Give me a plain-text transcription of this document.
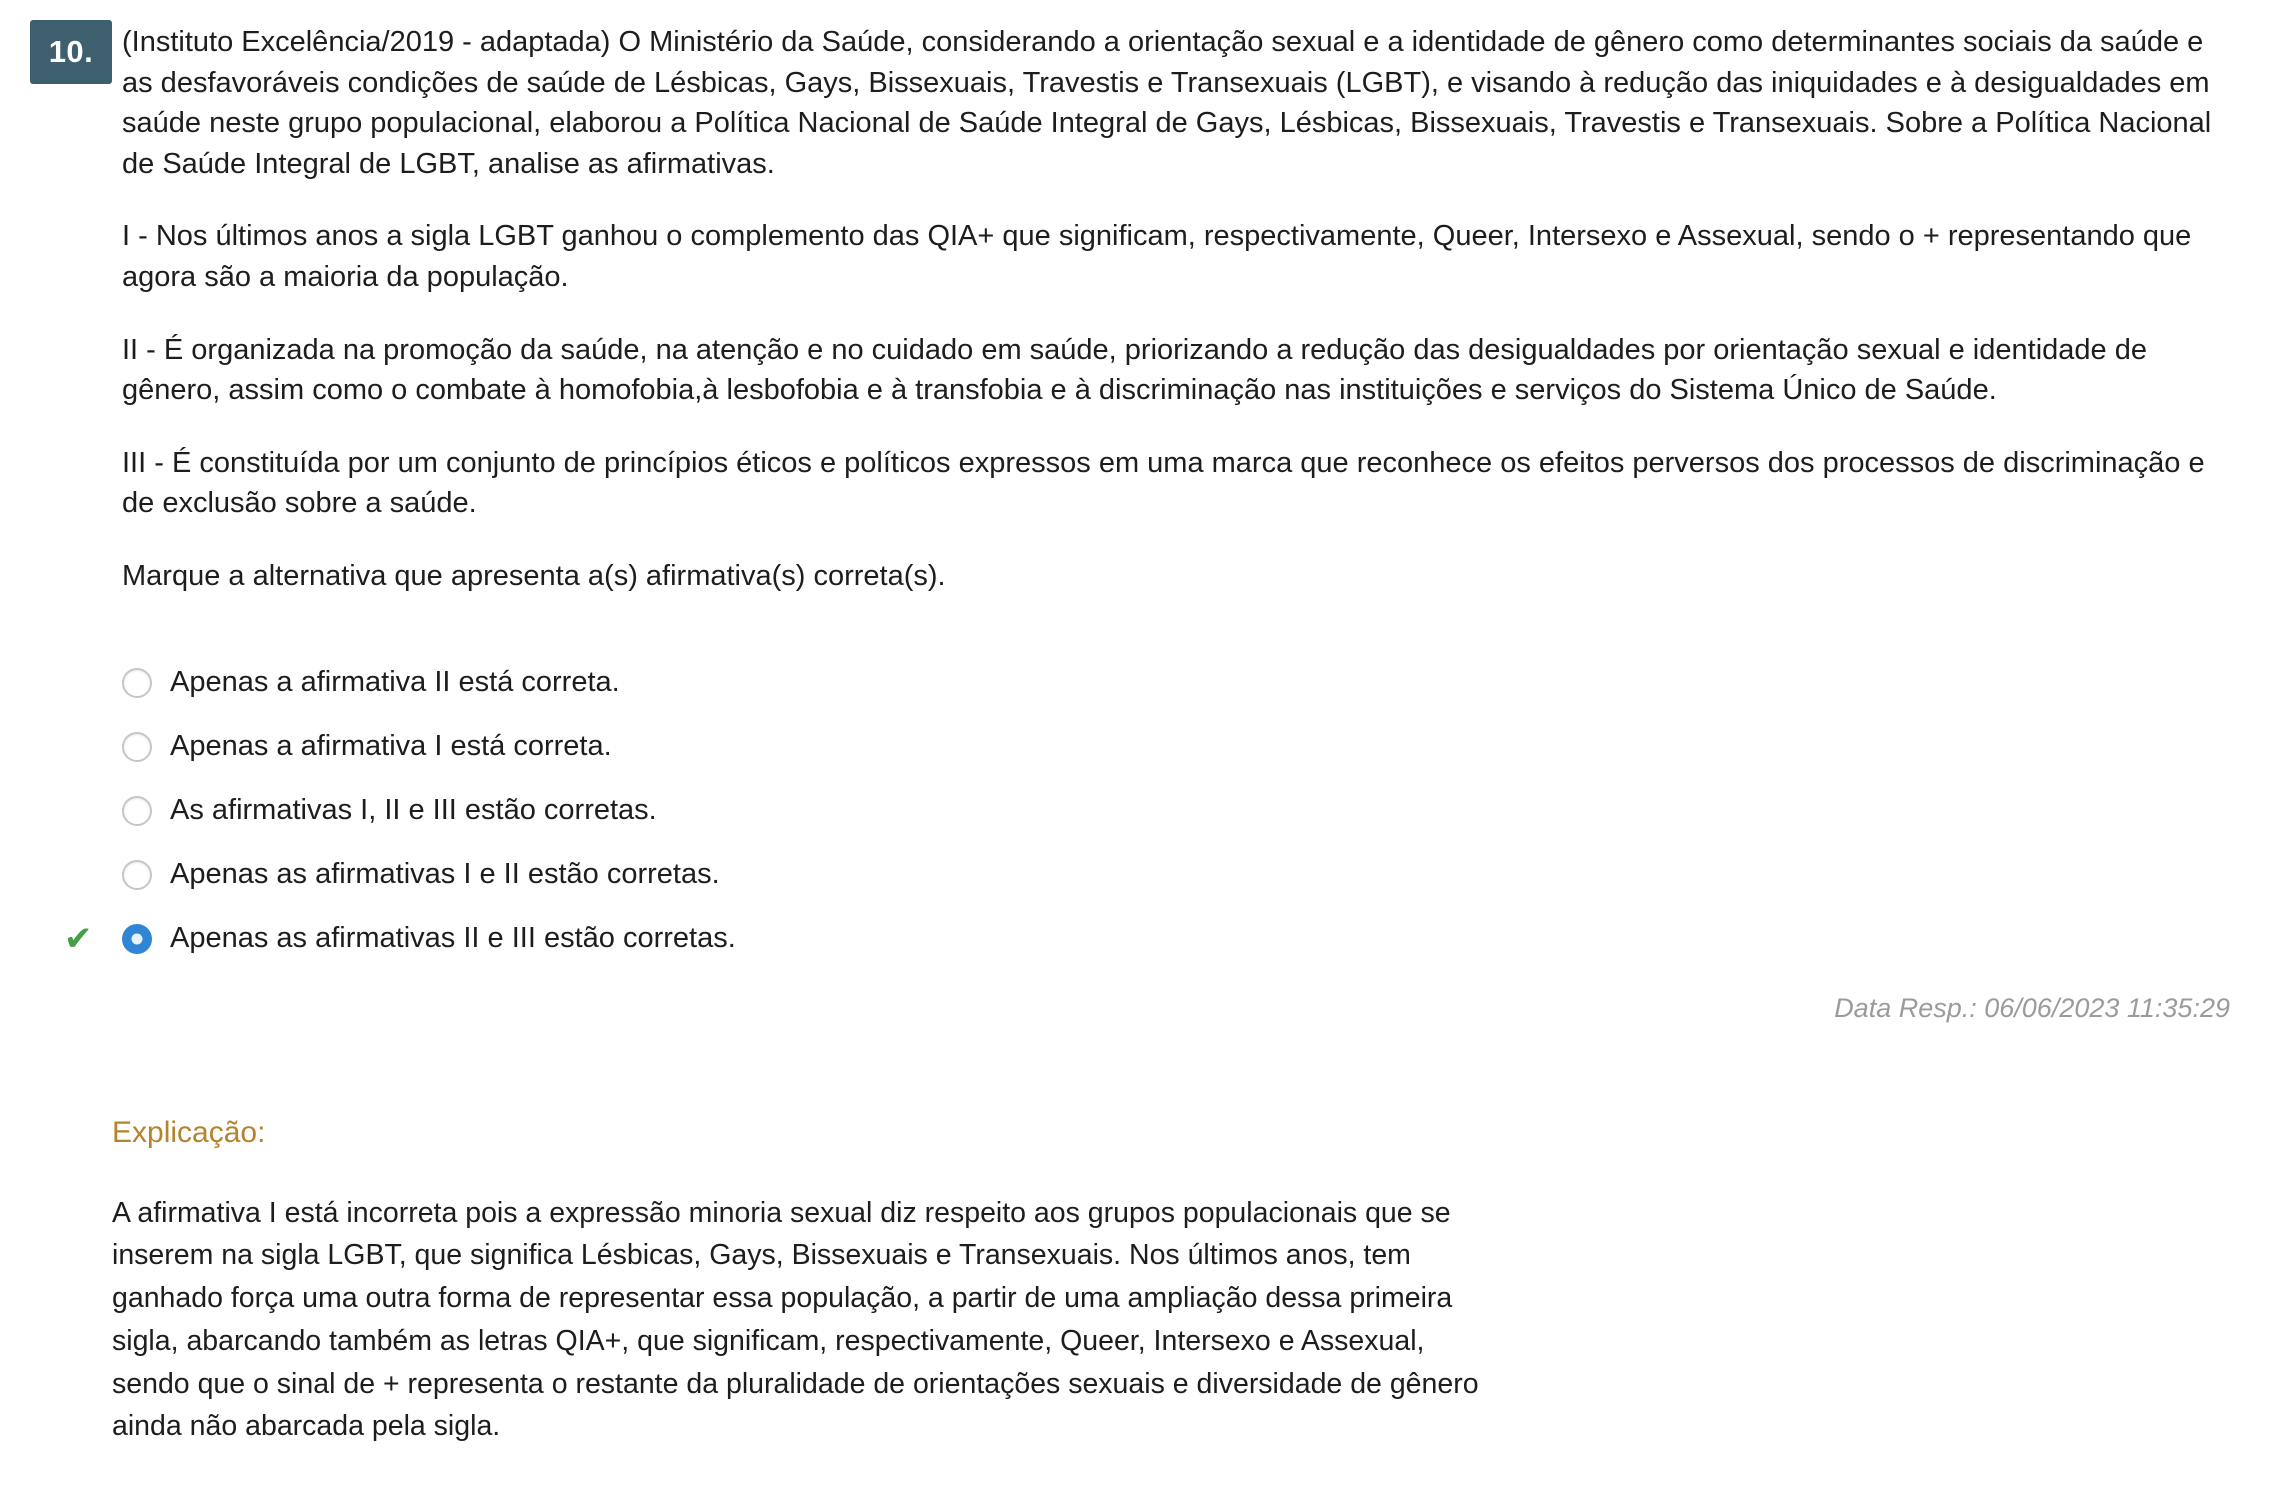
10. (Instituto Excelência/2019 - adaptada) O Ministério da Saúde, considerando a orientação sexual e a identidade de gênero como determinantes sociais da saúde e as desfavoráveis condições de saúde de Lésbicas, Gays, Bissexuais, Travestis e Transexuais (LGBT), e visando à redução das iniquidades e à desigualdades em saúde neste grupo populacional, elaborou a Política Nacional de Saúde Integral de Gays, Lésbicas, Bissexuais, Travestis e Transexuais. Sobre a Política Nacional de Saúde Integral de LGBT, analise as afirmativas.

I - Nos últimos anos a sigla LGBT ganhou o complemento das QIA+ que significam, respectivamente, Queer, Intersexo e Assexual, sendo o + representando que agora são a maioria da população.

II - É organizada na promoção da saúde, na atenção e no cuidado em saúde, priorizando a redução das desigualdades por orientação sexual e identidade de gênero, assim como o combate à homofobia,à lesbofobia e à transfobia e à discriminação nas instituições e serviços do Sistema Único de Saúde.

III - É constituída por um conjunto de princípios éticos e políticos expressos em uma marca que reconhece os efeitos perversos dos processos de discriminação e de exclusão sobre a saúde.

Marque a alternativa que apresenta a(s) afirmativa(s) correta(s).

Apenas a afirmativa II está correta.
Apenas a afirmativa I está correta.
As afirmativas I, II e III estão corretas.
Apenas as afirmativas I e II estão corretas.
✔	Apenas as afirmativas II e III estão corretas.
Data Resp.: 06/06/2023 11:35:29
Explicação:

A afirmativa I está incorreta pois a expressão minoria sexual diz respeito aos grupos populacionais que se inserem na sigla LGBT, que significa Lésbicas, Gays, Bissexuais e Transexuais. Nos últimos anos, tem ganhado força uma outra forma de representar essa população, a partir de uma ampliação dessa primeira sigla, abarcando também as letras QIA+, que significam, respectivamente, Queer, Intersexo e Assexual, sendo que o sinal de + representa o restante da pluralidade de orientações sexuais e diversidade de gênero ainda não abarcada pela sigla.
